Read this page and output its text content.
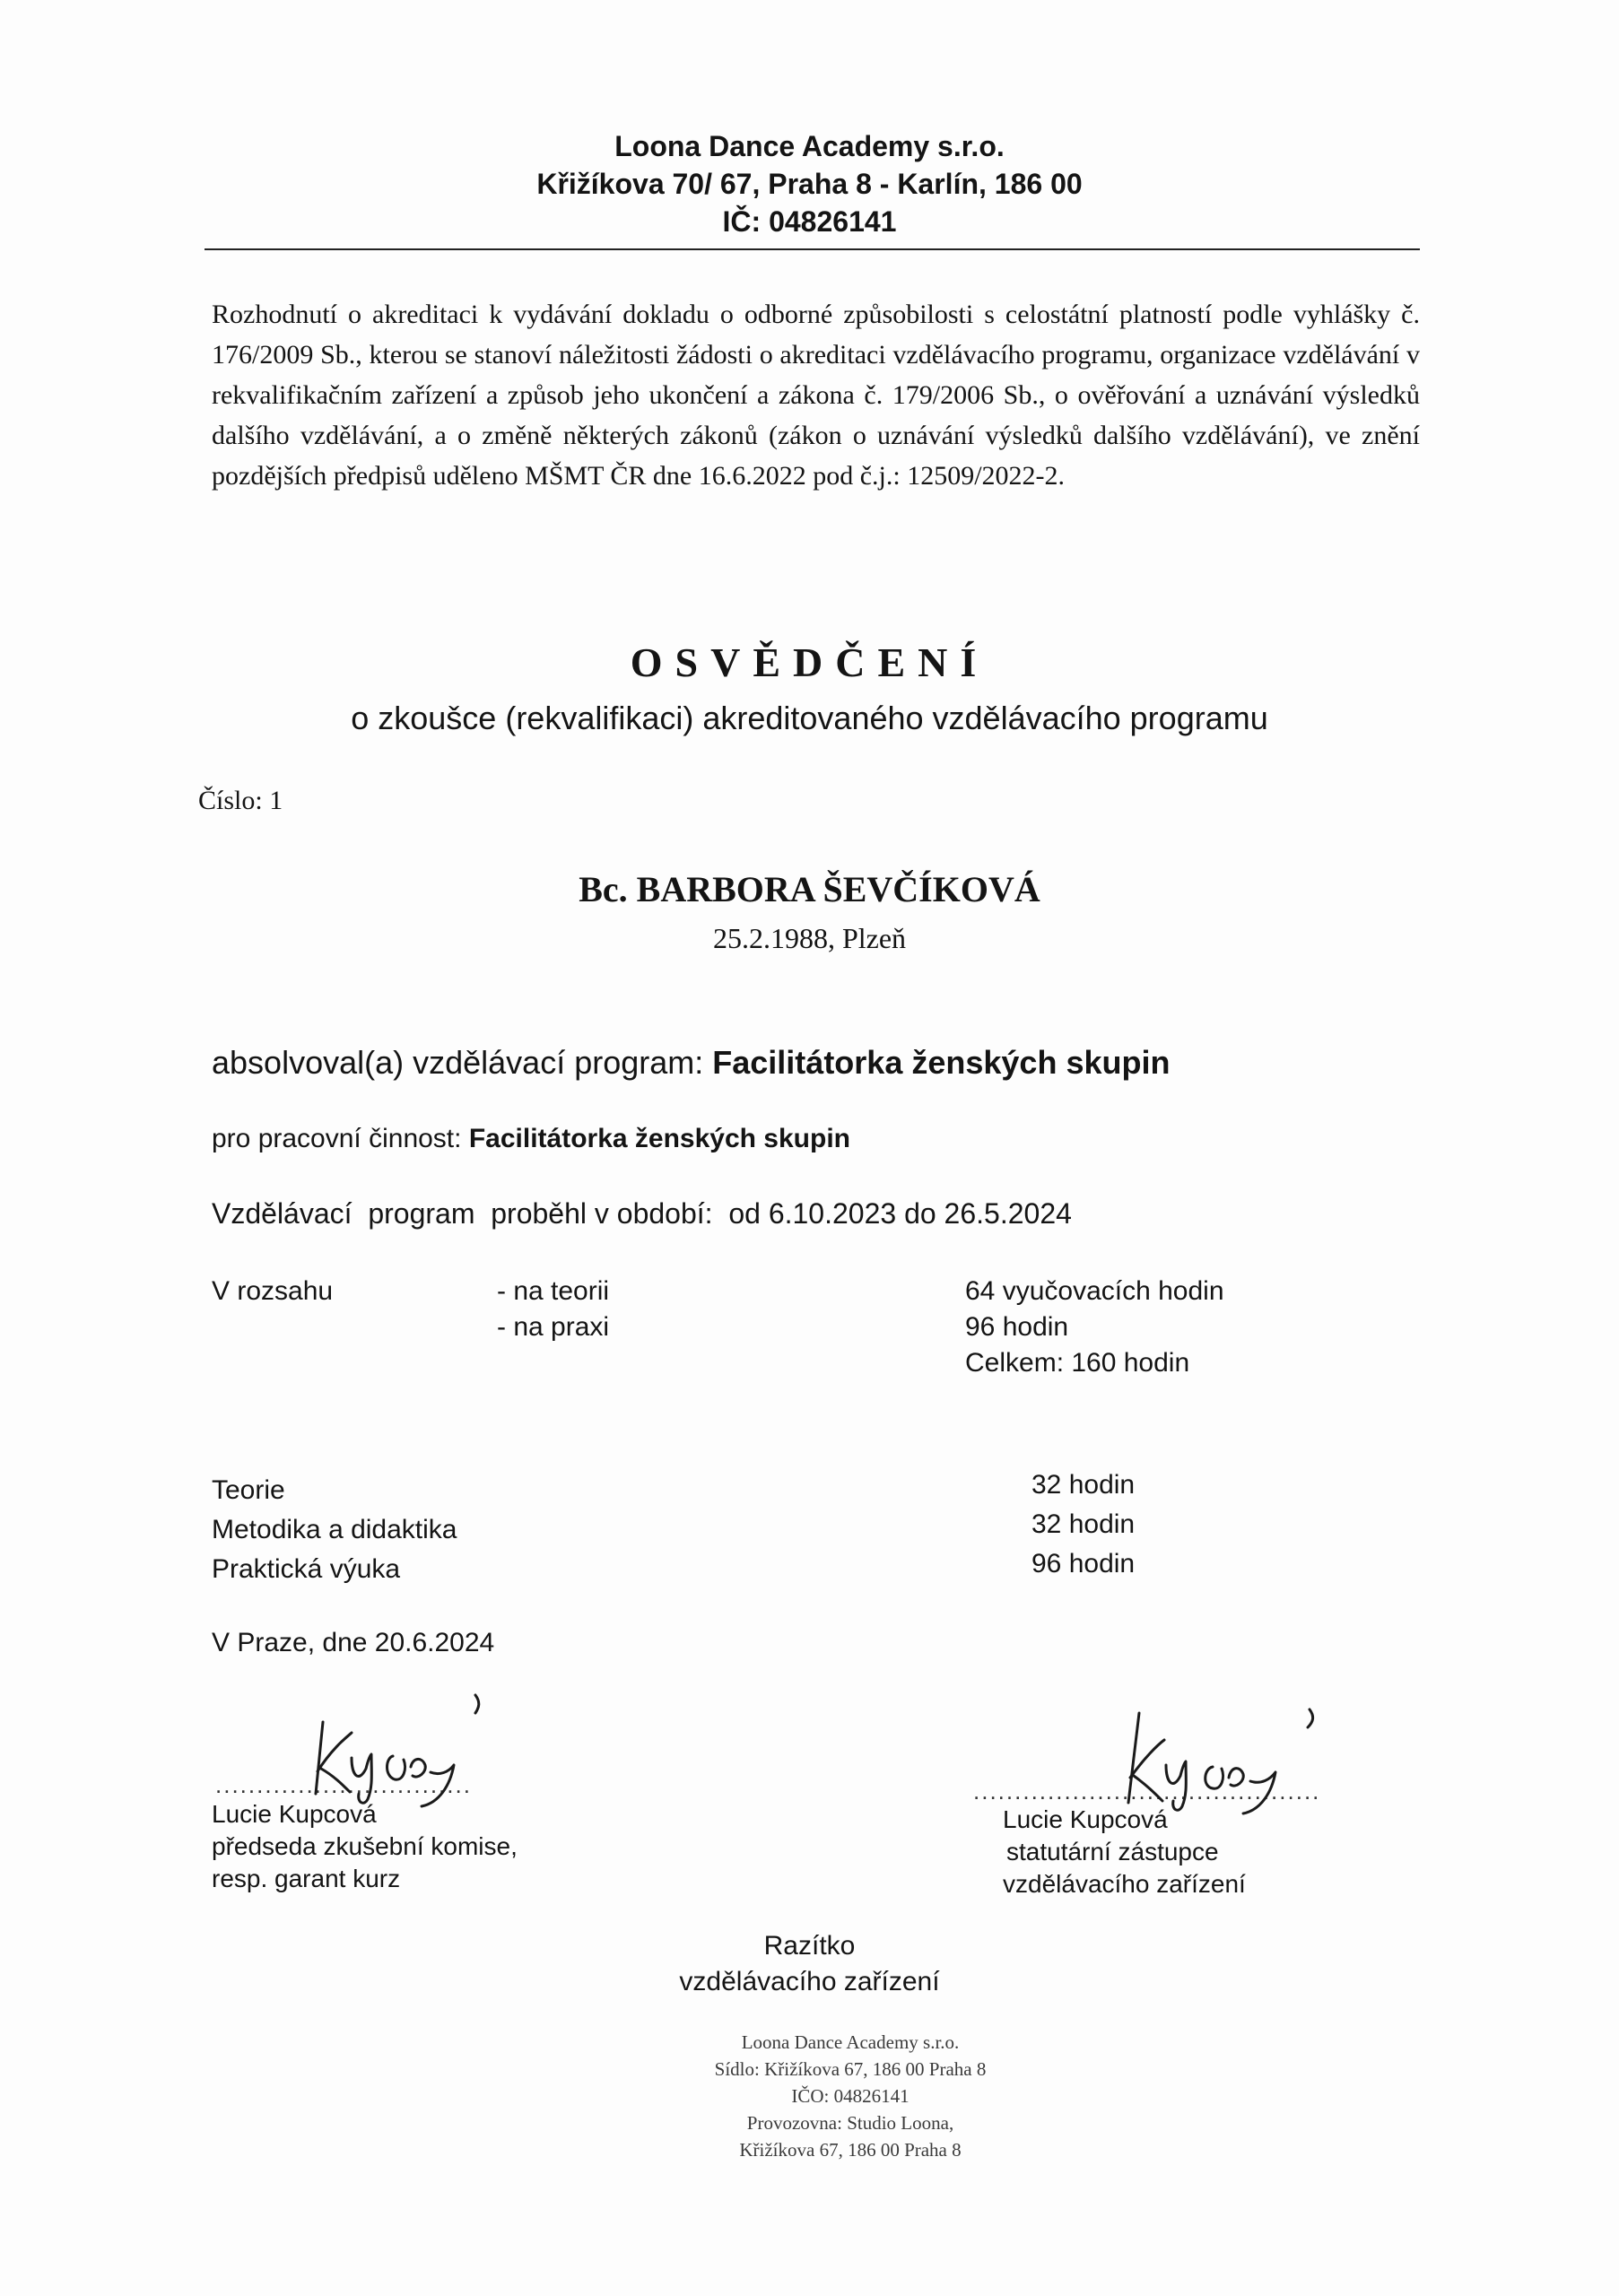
Loona Dance Academy s.r.o.
Křižíkova 70/ 67, Praha 8 - Karlín, 186 00
IČ: 04826141
Rozhodnutí o akreditaci k vydávání dokladu o odborné způsobilosti s celostátní platností podle vyhlášky č. 176/2009 Sb., kterou se stanoví náležitosti žádosti o akreditaci vzdělávacího programu, organizace vzdělávání v rekvalifikačním zařízení a způsob jeho ukončení a zákona č. 179/2006 Sb., o ověřování a uznávání výsledků dalšího vzdělávání, a o změně některých zákonů (zákon o uznávání výsledků dalšího vzdělávání), ve znění pozdějších předpisů uděleno MŠMT ČR dne 16.6.2022 pod č.j.: 12509/2022-2.
OSVĚDČENÍ
o zkoušce (rekvalifikaci) akreditovaného vzdělávacího programu
Číslo: 1
Bc. BARBORA ŠEVČÍKOVÁ
25.2.1988, Plzeň
absolvoval(a) vzdělávací program: Facilitátorka ženských skupin
pro pracovní činnost: Facilitátorka ženských skupin
Vzdělávací  program  proběhl v období:  od 6.10.2023 do 26.5.2024
V rozsahu	- na teorii
- na praxi
64 vyučovacích hodin
96 hodin
Celkem: 160 hodin
Teorie
Metodika a didaktika
Praktická výuka
32 hodin
32 hodin
96 hodin
V Praze, dne 20.6.2024
...............................	..........................................
Lucie Kupcová
předseda zkušební komise,
resp. garant kurz
Lucie Kupcová
statutární zástupce
vzdělávacího zařízení
Razítko
vzdělávacího zařízení
Loona Dance Academy s.r.o.
Sídlo: Křižíkova 67, 186 00 Praha 8
IČO: 04826141
Provozovna: Studio Loona,
Křižíkova 67, 186 00 Praha 8
